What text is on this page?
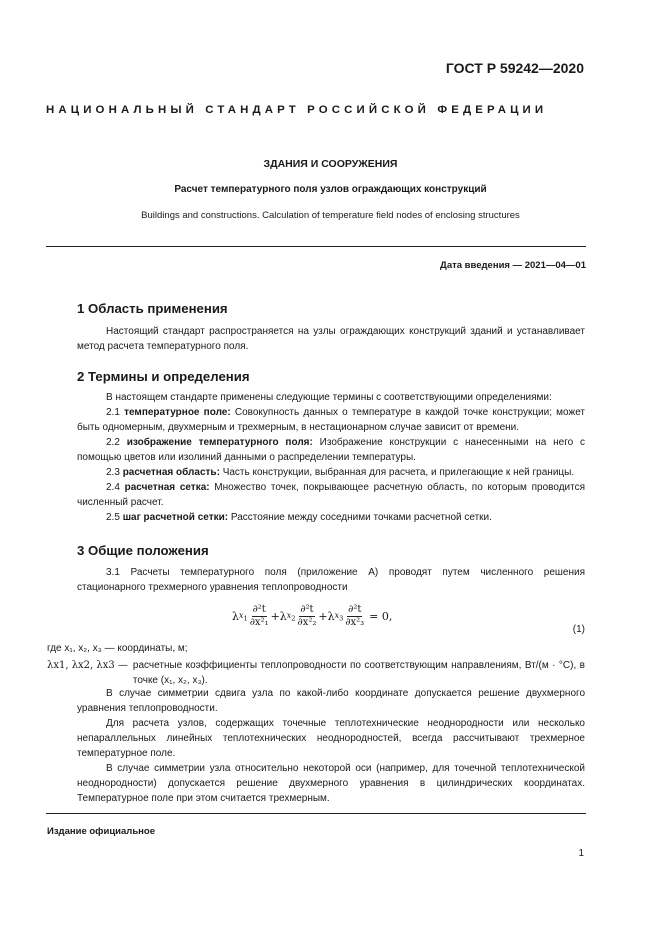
ГОСТ Р 59242—2020
НАЦИОНАЛЬНЫЙ СТАНДАРТ РОССИЙСКОЙ ФЕДЕРАЦИИ
ЗДАНИЯ И СООРУЖЕНИЯ
Расчет температурного поля узлов ограждающих конструкций
Buildings and constructions. Calculation of temperature field nodes of enclosing structures
Дата введения — 2021—04—01
1 Область применения

Настоящий стандарт распространяется на узлы ограждающих конструкций зданий и устанавливает метод расчета температурного поля.

2 Термины и определения

В настоящем стандарте применены следующие термины с соответствующими определениями:

2.1 температурное поле: Совокупность данных о температуре в каждой точке конструкции; может быть одномерным, двухмерным и трехмерным, в нестационарном случае зависит от времени.

2.2 изображение температурного поля: Изображение конструкции с нанесенными на него с помощью цветов или изолиний данными о распределении температуры.

2.3 расчетная область: Часть конструкции, выбранная для расчета, и прилегающие к ней границы.

2.4 расчетная сетка: Множество точек, покрывающее расчетную область, по которым проводится численный расчет.

2.5 шаг расчетной сетки: Расстояние между соседними точками расчетной сетки.

3 Общие положения

3.1 Расчеты температурного поля (приложение А) проводят путем численного решения стационарного трехмерного уравнения теплопроводности

λ $x_1 \frac{\text{∂²t}}{\text{∂x²₁}} + \lambda$ $x_2 \frac{\text{∂²t}}{\text{∂x²₂}} + \lambda$ $x_3 \frac{\text{∂²t}}{\text{∂x²₃}} = 0$,
(1)

где x₁, x₂, x₃ — координаты, м;

λx1, λx2, λx3 — расчетные коэффициенты теплопроводности по соответствующим направлениям, Вт/(м · °С), в точке (x₁, x₂, x₃).

В случае симметрии сдвига узла по какой-либо координате допускается решение двухмерного уравнения теплопроводности.

Для расчета узлов, содержащих точечные теплотехнические неоднородности или несколько непараллельных линейных теплотехнических неоднородностей, всегда рассчитывают трехмерное температурное поле.

В случае симметрии узла относительно некоторой оси (например, для точечной теплотехнической неоднородности) допускается решение двухмерного уравнения в цилиндрических координатах. Температурное поле при этом считается трехмерным.

Издание официальное
1
